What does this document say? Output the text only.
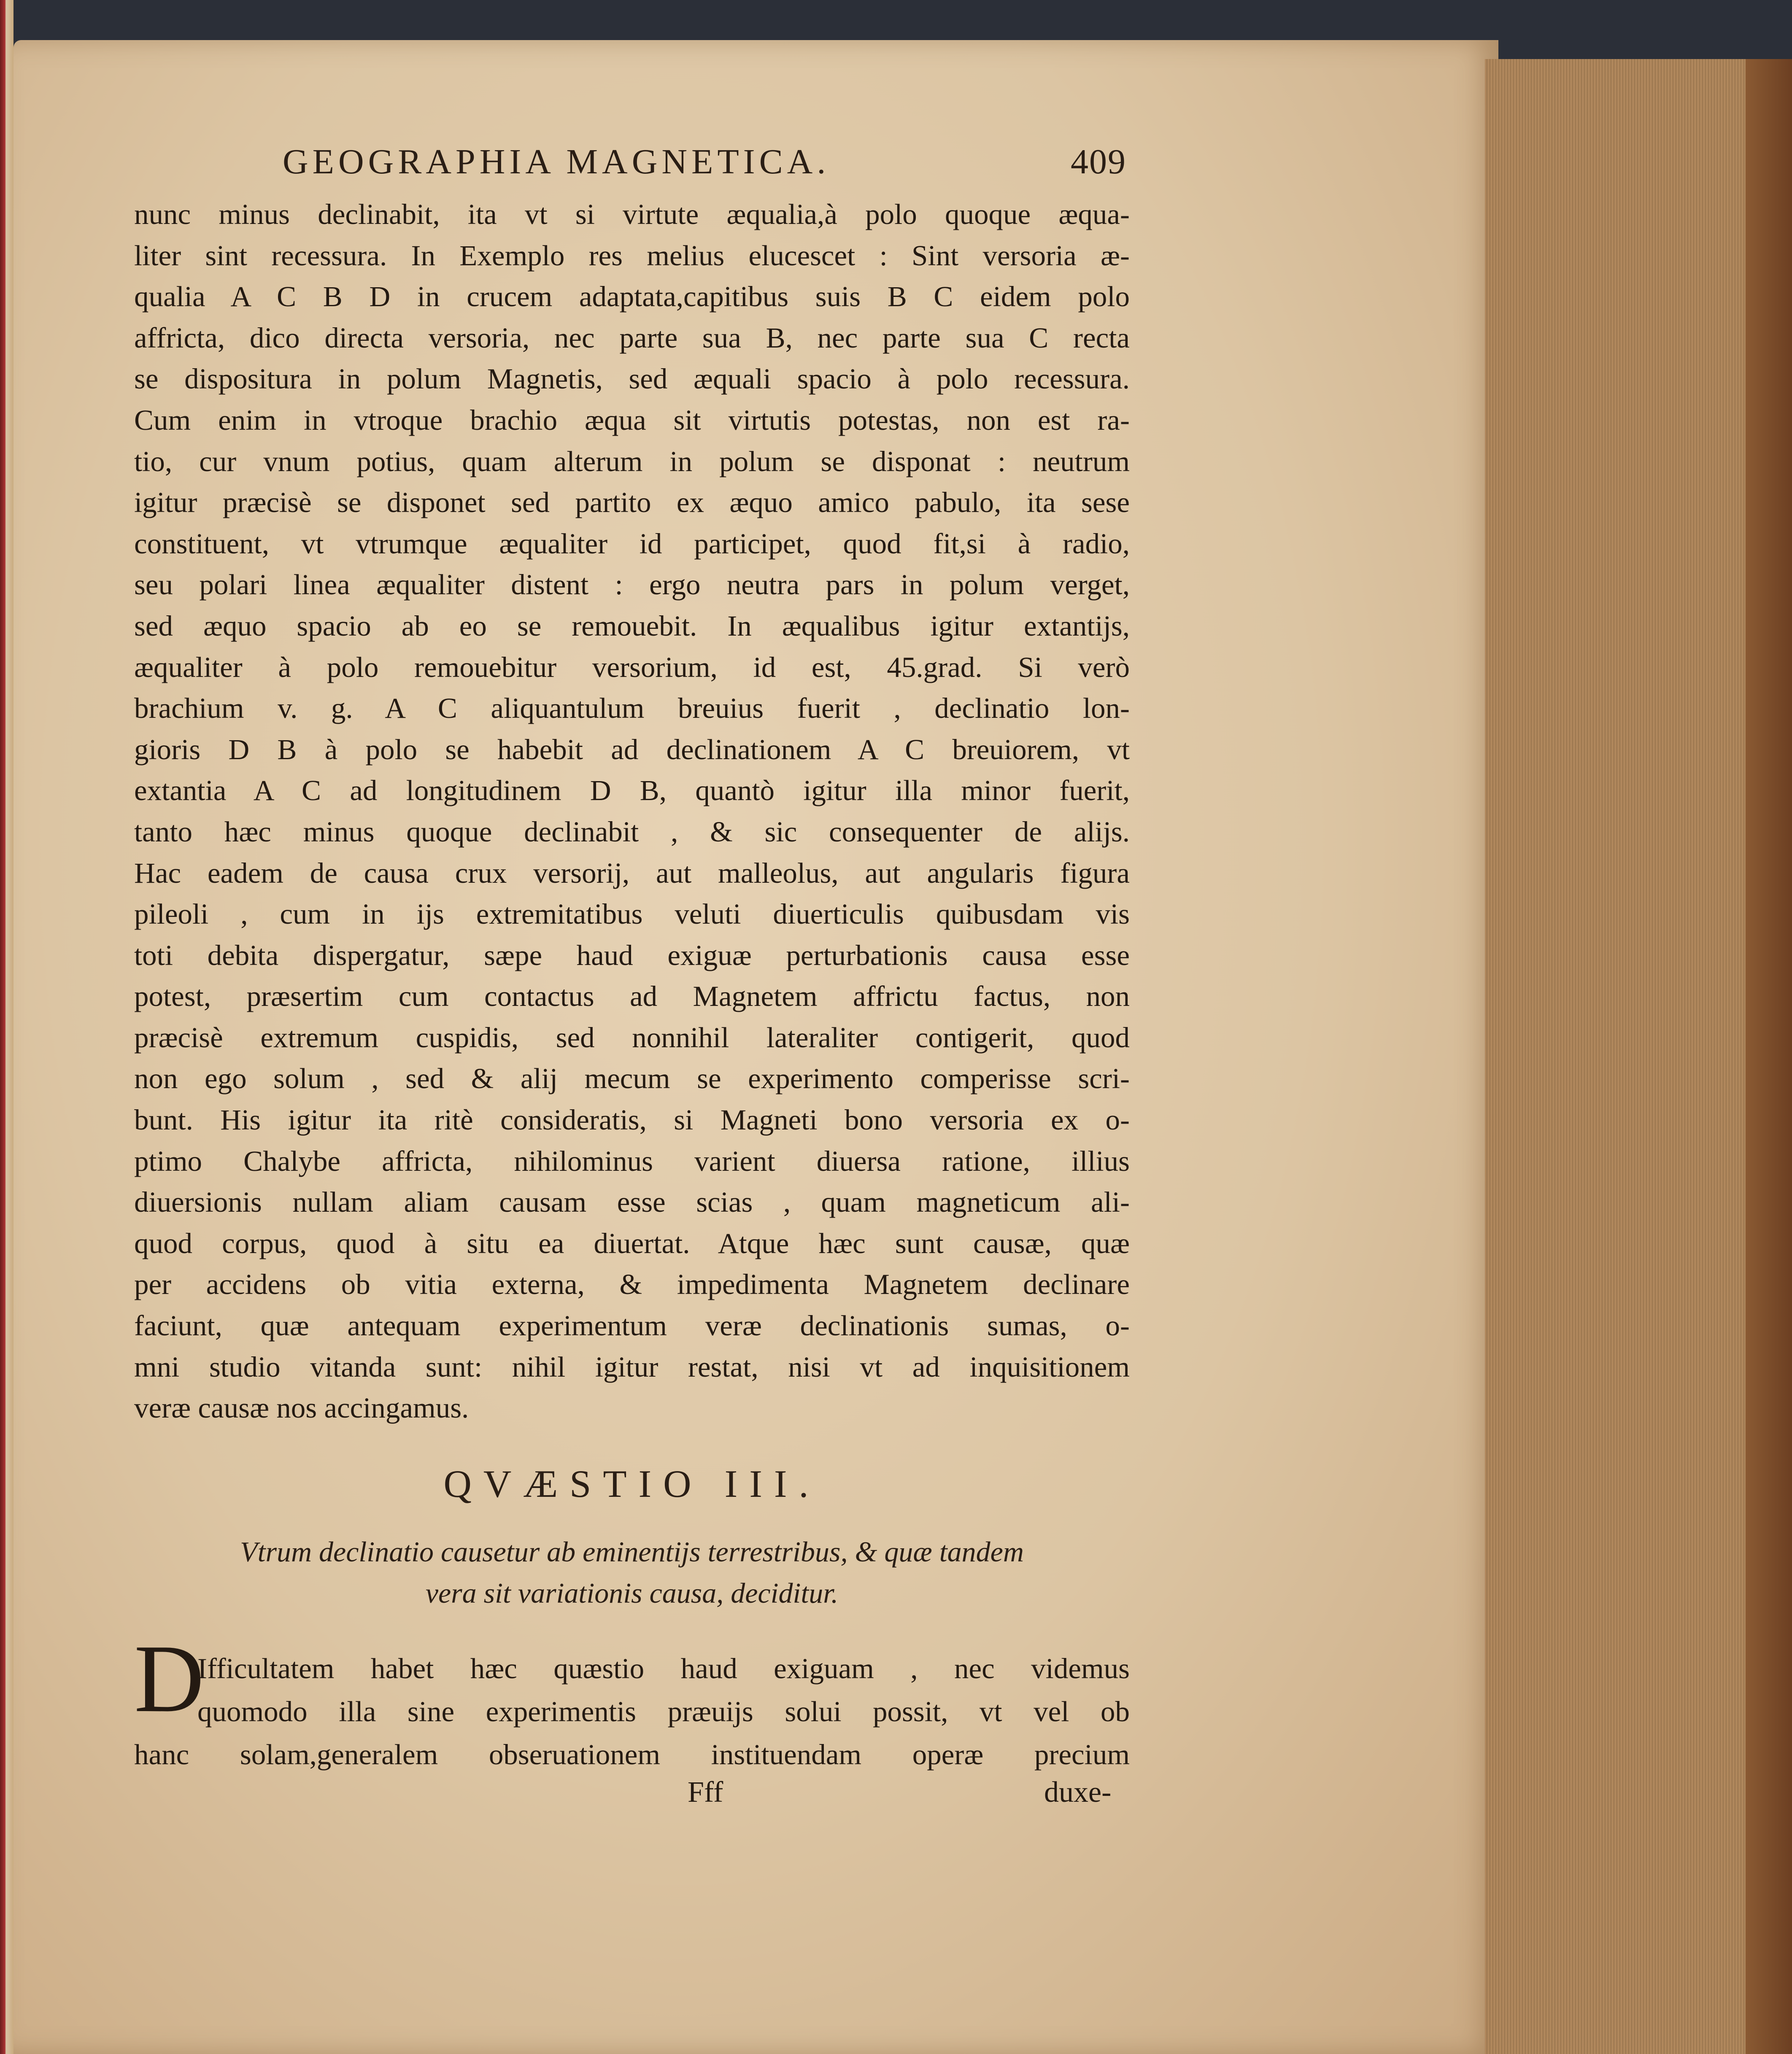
GEOGRAPHIA MAGNETICA.	409
nunc minus declinabit, ita vt si virtute æqualia,à polo quoque æqua-
liter sint recessura. In Exemplo res melius elucescet : Sint versoria æ-
qualia A C B D in crucem adaptata,capitibus suis B C eidem polo
affricta, dico directa versoria, nec parte sua B, nec parte sua C recta
se dispositura in polum Magnetis, sed æquali spacio à polo recessura.
Cum enim in vtroque brachio æqua sit virtutis potestas, non est ra-
tio, cur vnum potius, quam alterum in polum se disponat : neutrum
igitur præcisè se disponet sed partito ex æquo amico pabulo, ita sese
constituent, vt vtrumque æqualiter id participet, quod fit,si à radio,
seu polari linea æqualiter distent : ergo neutra pars in polum verget,
sed æquo spacio ab eo se remouebit. In æqualibus igitur extantijs,
æqualiter à polo remouebitur versorium, id est, 45.grad. Si verò
brachium v. g. A C aliquantulum breuius fuerit , declinatio lon-
gioris D B à polo se habebit ad declinationem A C breuiorem, vt
extantia A C ad longitudinem D B, quantò igitur illa minor fuerit,
tanto hæc minus quoque declinabit , & sic consequenter de alijs.
Hac eadem de causa crux versorij, aut malleolus, aut angularis figura
pileoli , cum in ijs extremitatibus veluti diuerticulis quibusdam vis
toti debita dispergatur, sæpe haud exiguæ perturbationis causa esse
potest, præsertim cum contactus ad Magnetem affrictu factus, non
præcisè extremum cuspidis, sed nonnihil lateraliter contigerit, quod
non ego solum , sed & alij mecum se experimento comperisse scri-
bunt. His igitur ita ritè consideratis, si Magneti bono versoria ex o-
ptimo Chalybe affricta, nihilominus varient diuersa ratione, illius
diuersionis nullam aliam causam esse scias , quam magneticum ali-
quod corpus, quod à situ ea diuertat. Atque hæc sunt causæ, quæ
per accidens ob vitia externa, & impedimenta Magnetem declinare
faciunt, quæ antequam experimentum veræ declinationis sumas, o-
mni studio vitanda sunt: nihil igitur restat, nisi vt ad inquisitionem
veræ causæ nos accingamus.
QVÆSTIO III.
Vtrum declinatio causetur ab eminentijs terrestribus, & quæ tandem
vera sit variationis causa, deciditur.
D
Ifficultatem habet hæc quæstio haud exiguam , nec videmus
quomodo illa sine experimentis præuijs solui possit, vt vel ob
hanc solam,generalem obseruationem instituendam operæ precium
Fff	duxe-
